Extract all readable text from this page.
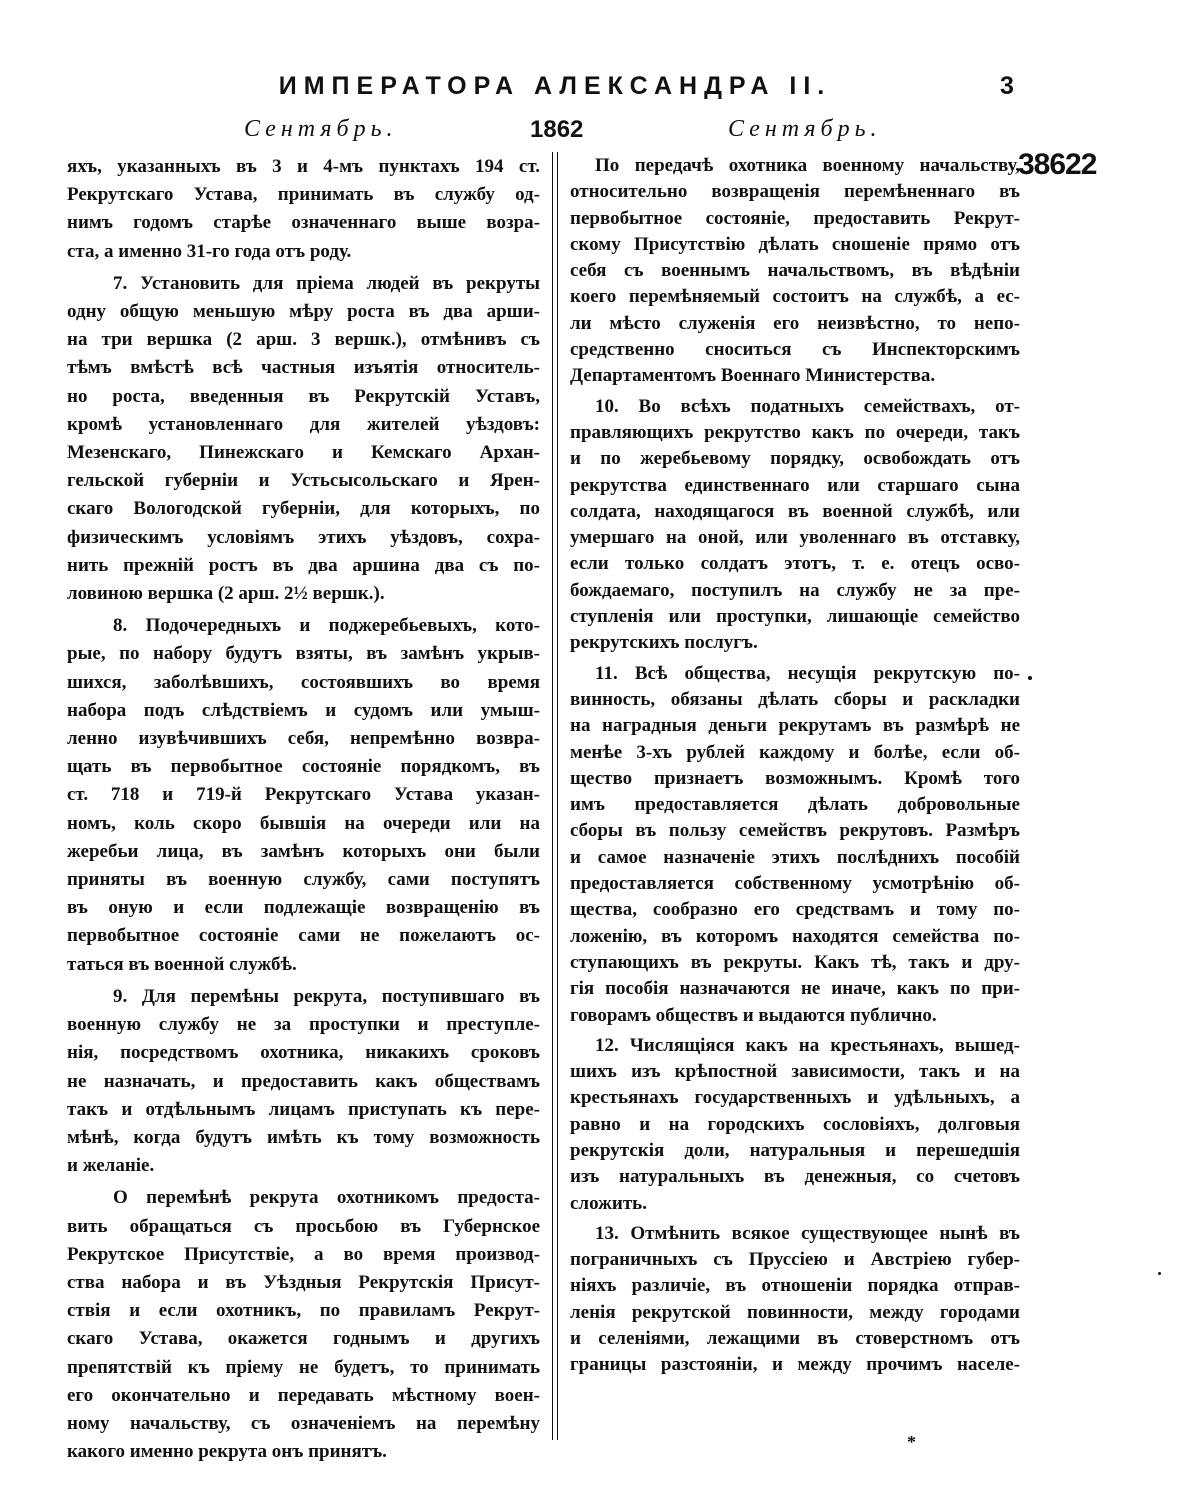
ИМПЕРАТОРА АЛЕКСАНДРА II.	3
Сентябрь.	1862	Сентябрь.
38622
яхъ, указанныхъ въ 3 и 4-мъ пунктахъ 194 ст.
Рекрутскаго Устава, принимать въ службу од-
нимъ годомъ старѣе означеннаго выше возра-
ста, а именно 31-го года отъ роду.
7. Установить для пріема людей въ рекруты
одну общую меньшую мѣру роста въ два арши-
на три вершка (2 арш. 3 вершк.), отмѣнивъ съ
тѣмъ вмѣстѣ всѣ частныя изъятія относитель-
но роста, введенныя въ Рекрутскій Уставъ,
кромѣ установленнаго для жителей уѣздовъ:
Мезенскаго, Пинежскаго и Кемскаго Архан-
гельской губерніи и Устьсысольскаго и Ярен-
скаго Вологодской губерніи, для которыхъ, по
физическимъ условіямъ этихъ уѣздовъ, сохра-
нить прежній ростъ въ два аршина два съ по-
ловиною вершка (2 арш. 2½ вершк.).
8. Подочередныхъ и поджеребьевыхъ, кото-
рые, по набору будутъ взяты, въ замѣнъ укрыв-
шихся, заболѣвшихъ, состоявшихъ во время
набора подъ слѣдствіемъ и судомъ или умыш-
ленно изувѣчившихъ себя, непремѣнно возвра-
щать въ первобытное состояніе порядкомъ, въ
ст. 718 и 719-й Рекрутскаго Устава указан-
номъ, коль скоро бывшія на очереди или на
жеребьи лица, въ замѣнъ которыхъ они были
приняты въ военную службу, сами поступятъ
въ оную и если подлежащіе возвращенію въ
первобытное состояніе сами не пожелаютъ ос-
таться въ военной службѣ.
9. Для перемѣны рекрута, поступившаго въ
военную службу не за проступки и преступле-
нія, посредствомъ охотника, никакихъ сроковъ
не назначать, и предоставить какъ обществамъ
такъ и отдѣльнымъ лицамъ приступать къ пере-
мѣнѣ, когда будутъ имѣть къ тому возможность
и желаніе.
О перемѣнѣ рекрута охотникомъ предоста-
вить обращаться съ просьбою въ Губернское
Рекрутское Присутствіе, а во время производ-
ства набора и въ Уѣздныя Рекрутскія Присут-
ствія и если охотникъ, по правиламъ Рекрут-
скаго Устава, окажется годнымъ и другихъ
препятствій къ пріему не будетъ, то принимать
его окончательно и передавать мѣстному воен-
ному начальству, съ означеніемъ на перемѣну
какого именно рекрута онъ принятъ.
По передачѣ охотника военному начальству,
относительно возвращенія перемѣненнаго въ
первобытное состояніе, предоставить Рекрут-
скому Присутствію дѣлать сношеніе прямо отъ
себя съ военнымъ начальствомъ, въ вѣдѣніи
коего перемѣняемый состоитъ на службѣ, а ес-
ли мѣсто служенія его неизвѣстно, то непо-
средственно сноситься съ Инспекторскимъ
Департаментомъ Военнаго Министерства.
10. Во всѣхъ податныхъ семействахъ, от-
правляющихъ рекрутство какъ по очереди, такъ
и по жеребьевому порядку, освобождать отъ
рекрутства единственнаго или старшаго сына
солдата, находящагося въ военной службѣ, или
умершаго на оной, или уволеннаго въ отставку,
если только солдатъ этотъ, т. е. отецъ осво-
бождаемаго, поступилъ на службу не за пре-
ступленія или проступки, лишающіе семейство
рекрутскихъ послугъ.
11. Всѣ общества, несущія рекрутскую по-
винность, обязаны дѣлать сборы и раскладки
на наградныя деньги рекрутамъ въ размѣрѣ не
менѣе 3-хъ рублей каждому и болѣе, если об-
щество признаетъ возможнымъ. Кромѣ того
имъ предоставляется дѣлать добровольные
сборы въ пользу семействъ рекрутовъ. Размѣръ
и самое назначеніе этихъ послѣднихъ пособій
предоставляется собственному усмотрѣнію об-
щества, сообразно его средствамъ и тому по-
ложенію, въ которомъ находятся семейства по-
ступающихъ въ рекруты. Какъ тѣ, такъ и дру-
гія пособія назначаются не иначе, какъ по при-
говорамъ обществъ и выдаются публично.
12. Числящіяся какъ на крестьянахъ, вышед-
шихъ изъ крѣпостной зависимости, такъ и на
крестьянахъ государственныхъ и удѣльныхъ, а
равно и на городскихъ сословіяхъ, долговыя
рекрутскія доли, натуральныя и перешедшія
изъ натуральныхъ въ денежныя, со счетовъ
сложить.
13. Отмѣнить всякое существующее нынѣ въ
пограничныхъ съ Пруссіею и Австріею губер-
ніяхъ различіе, въ отношеніи порядка отправ-
ленія рекрутской повинности, между городами
и селеніями, лежащими въ стоверстномъ отъ
границы разстояніи, и между прочимъ населе-
*
